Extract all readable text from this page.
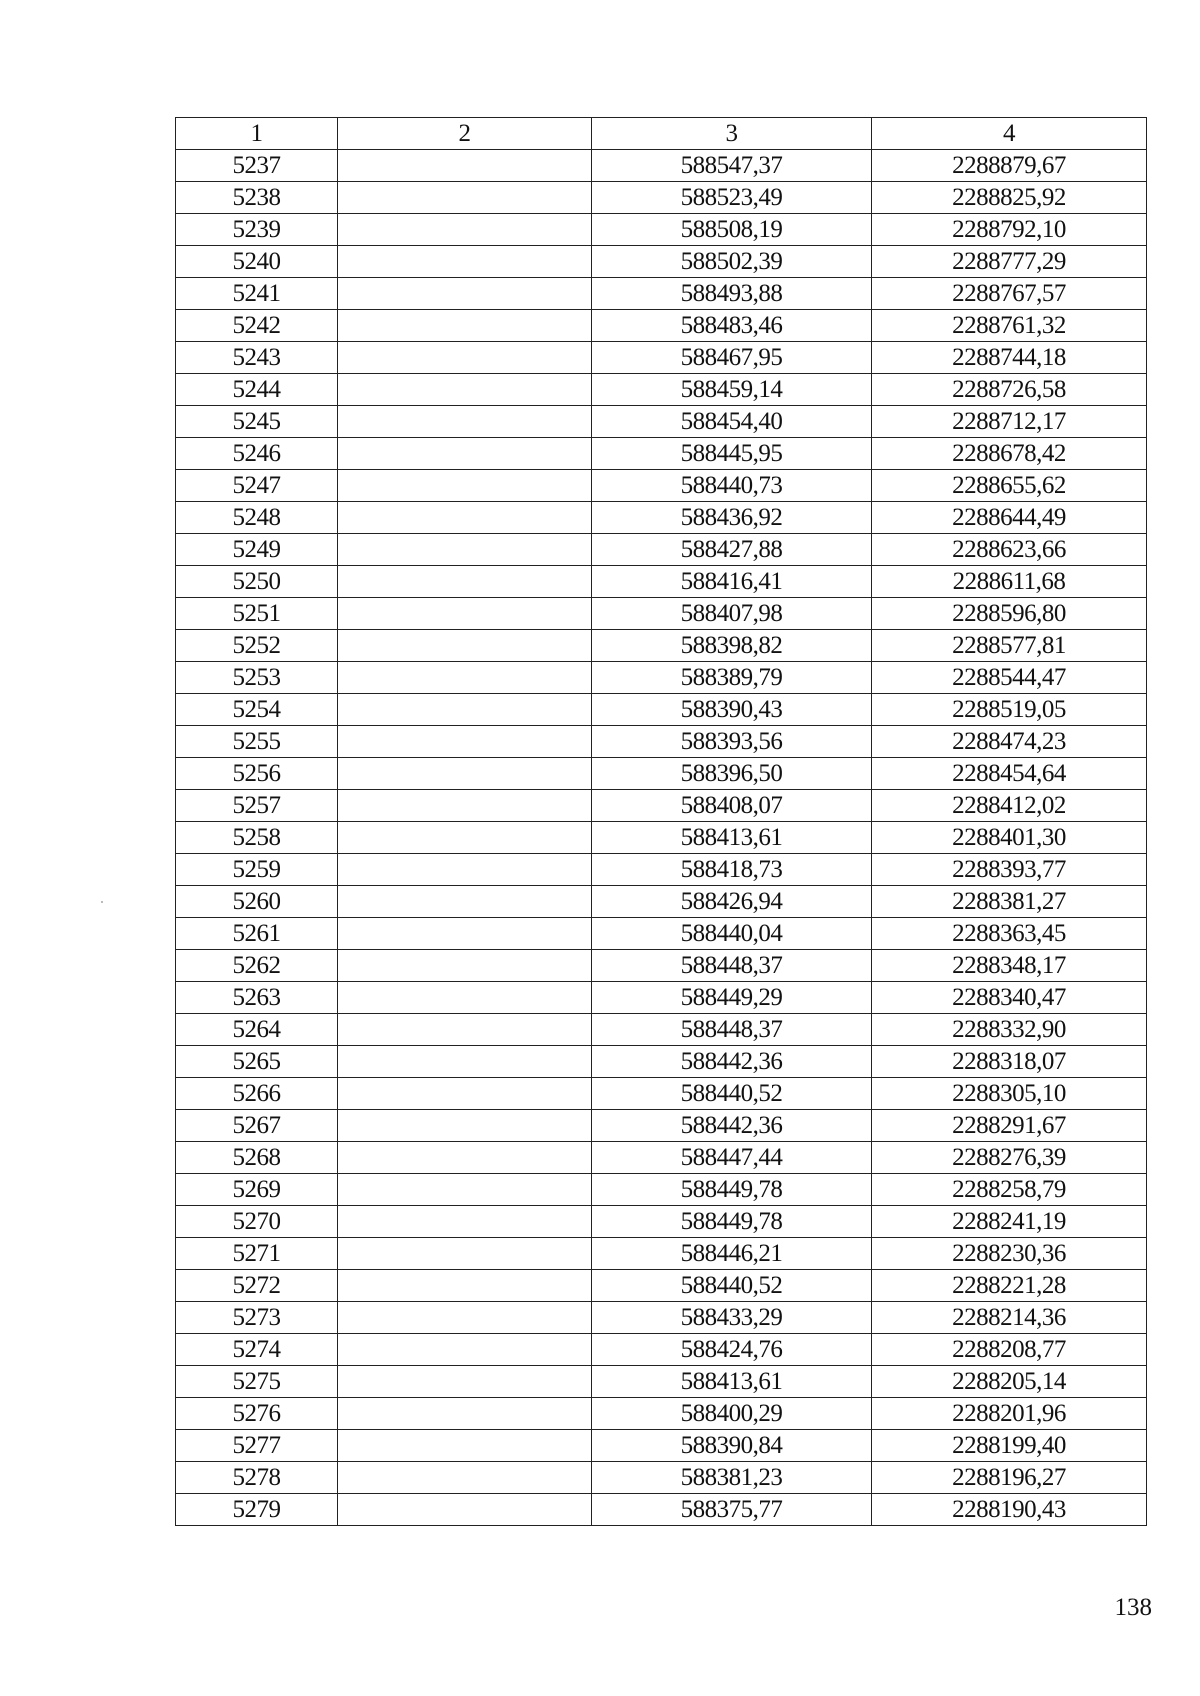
1	2	3	4
5237		588547,37	2288879,67
5238		588523,49	2288825,92
5239		588508,19	2288792,10
5240		588502,39	2288777,29
5241		588493,88	2288767,57
5242		588483,46	2288761,32
5243		588467,95	2288744,18
5244		588459,14	2288726,58
5245		588454,40	2288712,17
5246		588445,95	2288678,42
5247		588440,73	2288655,62
5248		588436,92	2288644,49
5249		588427,88	2288623,66
5250		588416,41	2288611,68
5251		588407,98	2288596,80
5252		588398,82	2288577,81
5253		588389,79	2288544,47
5254		588390,43	2288519,05
5255		588393,56	2288474,23
5256		588396,50	2288454,64
5257		588408,07	2288412,02
5258		588413,61	2288401,30
5259		588418,73	2288393,77
5260		588426,94	2288381,27
5261		588440,04	2288363,45
5262		588448,37	2288348,17
5263		588449,29	2288340,47
5264		588448,37	2288332,90
5265		588442,36	2288318,07
5266		588440,52	2288305,10
5267		588442,36	2288291,67
5268		588447,44	2288276,39
5269		588449,78	2288258,79
5270		588449,78	2288241,19
5271		588446,21	2288230,36
5272		588440,52	2288221,28
5273		588433,29	2288214,36
5274		588424,76	2288208,77
5275		588413,61	2288205,14
5276		588400,29	2288201,96
5277		588390,84	2288199,40
5278		588381,23	2288196,27
5279		588375,77	2288190,43
138
